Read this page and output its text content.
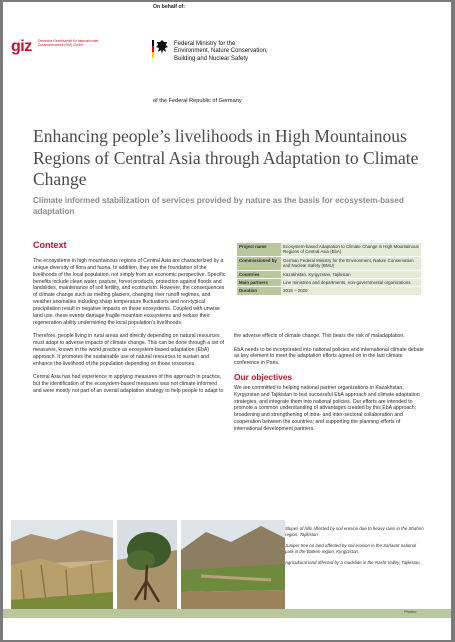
giz Deutsche Gesellschaft für Internationale Zusammenarbeit (GIZ) GmbH
On behalf of:
Federal Ministry for the
Environment, Nature Conservation,
Building and Nuclear Safety
of the Federal Republic of Germany
Enhancing people’s livelihoods in High Mountainous Regions of Central Asia through Adaptation to Climate Change
Climate informed stabilization of services provided by nature as the basis for ecosystem-based adaptation
Context

The ecosystems in high mountainous regions of Central Asia are characterized by a unique diversity of flora and fauna. In addition, they are the foundation of the livelihoods of the local population, not simply from an economic perspective. Specific benefits include clean water, pasture, forest products, protection against floods and landslides, maintenance of soil fertility, and ecotourism. However, the consequences of climate change such as melting glaciers, changing river runoff regimes, and weather anomalies including sharp temperature fluctuations and non-typical precipitation result in negative impacts on these ecosystems. Coupled with unwise land use, these events damage fragile mountain ecosystems and reduce their regeneration ability undermining the local population’s livelihoods.

Therefore, people living in rural areas and directly depending on natural resources must adapt to adverse impacts of climate change. This can be done through a set of measures, known in the world practice as ecosystem-based adaptation (EbA) approach. It promotes the sustainable use of natural resources to sustain and enhance the livelihood of the population depending on those resources.

Central Asia has had experience in applying measures of this approach in practice, but the identification of the ecosystem-based measures was not climate informed and were mostly not part of an overall adaptation strategy to help people to adapt to

Project name	Ecosystem-based Adaptation to Climate Change in High Mountainous Regions of Central Asia (EbA)
Commissioned by	German Federal Ministry for the Environment, Nature Conservation and Nuclear Safety (BMU)
Countries	Kazakhstan, Kyrgyzstan, Tajikistan
Main partners	Line ministries and departments, non-governmental organizations
Duration	2015 – 2020

the adverse effects of climate change. This bears the risk of maladaptation.

EbA needs to be incorporated into national policies and international climate debate as key element to meet the adaptation efforts agreed on in the last climate conference in Paris.

Our objectives

We are committed to helping national partner organizations in Kazakhstan, Kyrgyzstan and Tajikistan to test successful EbA approach and climate adaptation strategies, and integrate them into national policies. Our efforts are intended to promote a common understanding of advantages created by this EbA approach; broadening and strengthening of intra- and inter-sectoral collaboration and cooperation between the countries; and supporting the planning efforts of international development partners.

Slopes of hills affected by soil erosion due to heavy rains in the Shahrin region, Tajikistan.

Juniper tree on land affected by soil erosion in the Sarlaent national park in the Batken region, Kyrgyzstan.

Agricultural land affected by a mudslide in the Rasht Valley, Tajikistan.

Photos:
